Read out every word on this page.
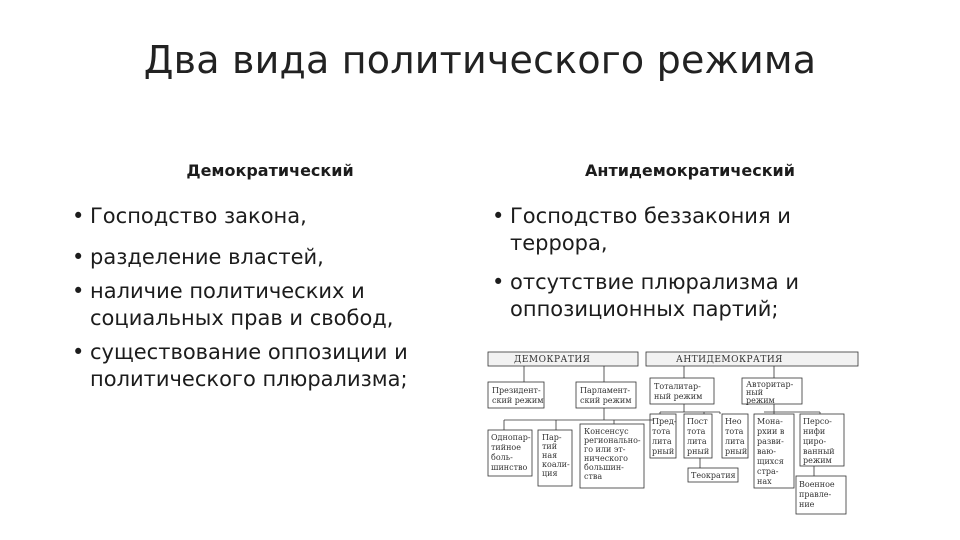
Два вида политического режима
Демократический	Антидемократический
• Господство закона,
• разделение властей,
• наличие политических и социальных прав и свобод,
• существование оппозиции и политического плюрализма;
• Господство беззакония и террора,
• отсутствие плюрализма и оппозиционных партий;
ДЕМОКРАТИЯ	АНТИДЕМОКРАТИЯ
Президент-
ский режим
Парламент-
ский режим
Тоталитар-
ный режим
Авторитар-
ный
режим
Однопар-
тийное
боль-
шинство
Пар-
тий
ная
коали-
ция
Консенсус
регионально-
го или эт-
нического
большин-
ства
Пред-
тота
лита
рный
Пост
тота
лита
рный
Нео
тота
лита
рный
Мона-
рхии в
разви-
ваю-
щихся
стра-
нах
Персо-
нифи
циро-
ванный
режим
Теократия
Военное
правле-
ние
